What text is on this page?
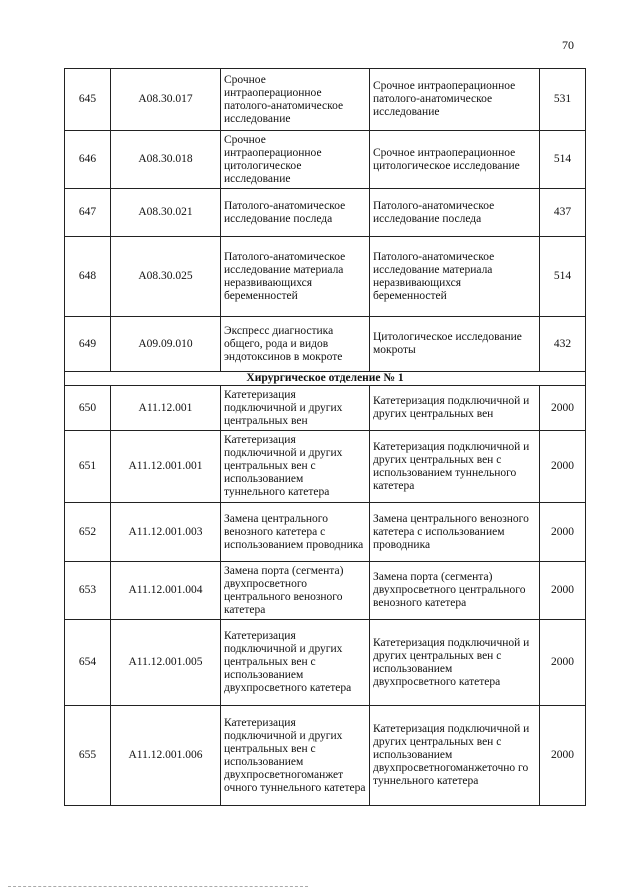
70
645	A08.30.017	Срочное интраоперационное патолого-анатомическое исследование	Срочное интраоперационное патолого-анатомическое исследование	531
646	A08.30.018	Срочное интраоперационное цитологическое исследование	Срочное интраоперационное цитологическое исследование	514
647	A08.30.021	Патолого-анатомическое исследование последа	Патолого-анатомическое исследование последа	437
648	A08.30.025	Патолого-анатомическое исследование материала неразвивающихся беременностей	Патолого-анатомическое исследование материала неразвивающихся беременностей	514
649	A09.09.010	Экспресс диагностика общего, рода и видов эндотоксинов в мокроте	Цитологическое исследование мокроты	432
Хирургическое отделение № 1				
650	A11.12.001	Катетеризация подключичной и других центральных вен	Катетеризация подключичной и других центральных вен	2000
651	A11.12.001.001	Катетеризация подключичной и других центральных вен с использованием туннельного катетера	Катетеризация подключичной и других центральных вен с использованием туннельного катетера	2000
652	A11.12.001.003	Замена центрального венозного катетера с использованием проводника	Замена центрального венозного катетера с использованием проводника	2000
653	A11.12.001.004	Замена порта (сегмента) двухпросветного центрального венозного катетера	Замена порта (сегмента) двухпросветного центрального венозного катетера	2000
654	A11.12.001.005	Катетеризация подключичной и других центральных вен с использованием двухпросветного катетера	Катетеризация подключичной и других центральных вен с использованием двухпросветного катетера	2000
655	A11.12.001.006	Катетеризация подключичной и других центральных вен с использованием двухпросветногоманжет очного туннельного катетера	Катетеризация подключичной и других центральных вен с использованием двухпросветногоманжеточно го туннельного катетера	2000
